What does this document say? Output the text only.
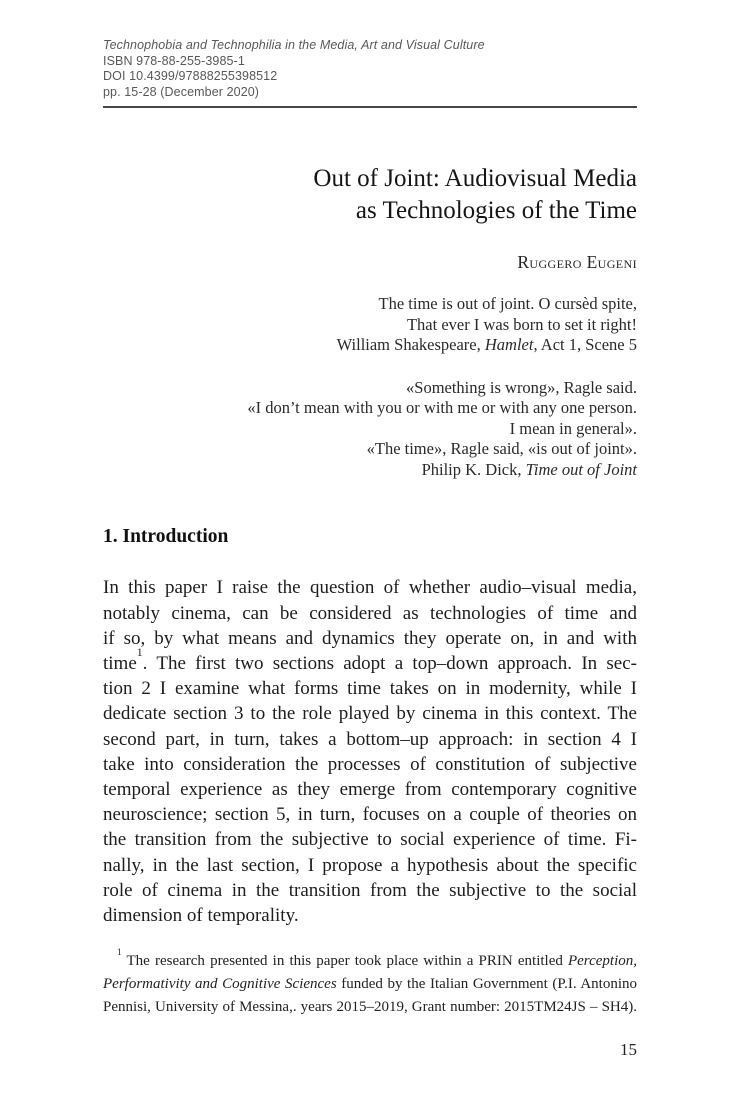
Technophobia and Technophilia in the Media, Art and Visual Culture
ISBN 978-88-255-3985-1
DOI 10.4399/97888255398512
pp. 15-28 (December 2020)
Out of Joint: Audiovisual Media
as Technologies of the Time
Ruggero Eugeni
The time is out of joint. O cursèd spite,
That ever I was born to set it right!
William Shakespeare, Hamlet, Act 1, Scene 5
«Something is wrong», Ragle said.
«I don’t mean with you or with me or with any one person.
I mean in general».
«The time», Ragle said, «is out of joint».
Philip K. Dick, Time out of Joint
1. Introduction
In this paper I raise the question of whether audio–visual media,
notably cinema, can be considered as technologies of time and
if so, by what means and dynamics they operate on, in and with
time$^1$. The first two sections adopt a top–down approach. In sec-
tion 2 I examine what forms time takes on in modernity, while I
dedicate section 3 to the role played by cinema in this context. The
second part, in turn, takes a bottom–up approach: in section 4 I
take into consideration the processes of constitution of subjective
temporal experience as they emerge from contemporary cognitive
neuroscience; section 5, in turn, focuses on a couple of theories on
the transition from the subjective to social experience of time. Fi-
nally, in the last section, I propose a hypothesis about the specific
role of cinema in the transition from the subjective to the social
dimension of temporality.
$^1$ The research presented in this paper took place within a PRIN entitled Perception,
Performativity and Cognitive Sciences funded by the Italian Government (P.I. Antonino
Pennisi, University of Messina,. years 2015–2019, Grant number: 2015TM24JS – SH4).
15
